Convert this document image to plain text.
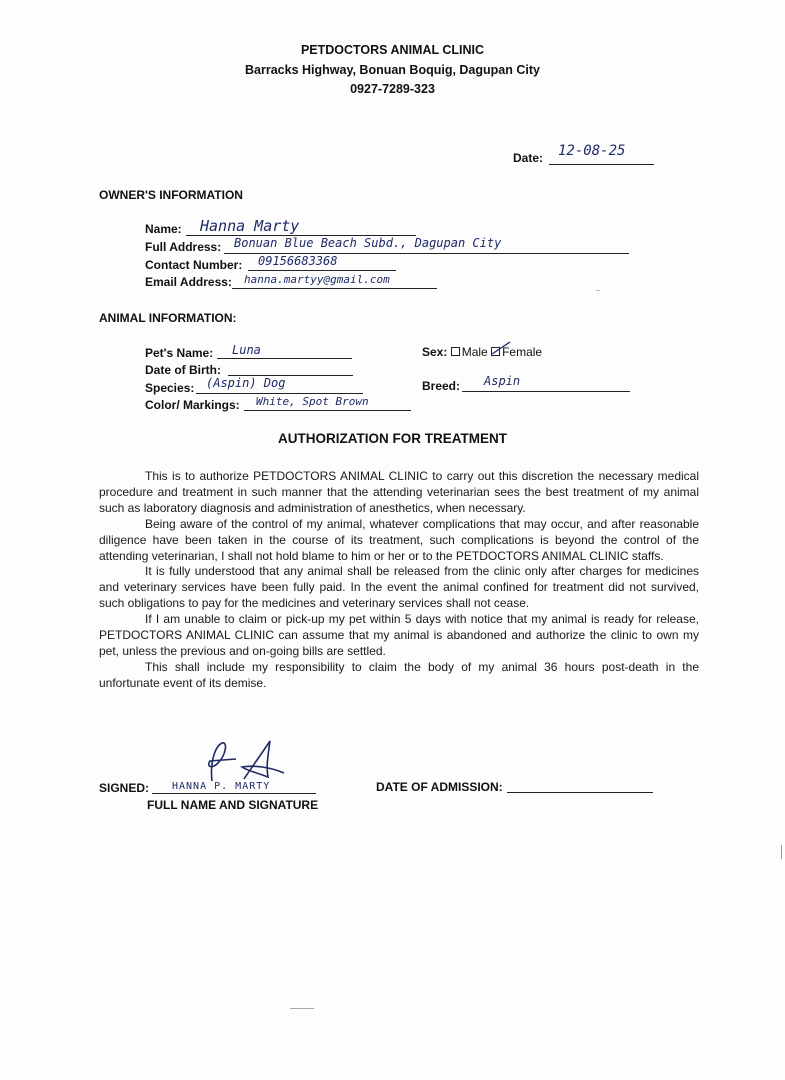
PETDOCTORS ANIMAL CLINIC
Barracks Highway, Bonuan Boquig, Dagupan City
0927-7289-323
Date: 12-08-25
OWNER'S INFORMATION
Name: Hanna Marty
Full Address: Bonuan Blue Beach Subd., Dagupan City
Contact Number: 09156683368
Email Address: hanna.martyy@gmail.com
ANIMAL INFORMATION:
Pet's Name: Luna
Date of Birth:
Species: (Aspin) Dog
Color/ Markings: White, Spot Brown
Sex: Male Female
Breed: Aspin
AUTHORIZATION FOR TREATMENT

This is to authorize PETDOCTORS ANIMAL CLINIC to carry out this discretion the necessary medical procedure and treatment in such manner that the attending veterinarian sees the best treatment of my animal such as laboratory diagnosis and administration of anesthetics, when necessary.

Being aware of the control of my animal, whatever complications that may occur, and after reasonable diligence have been taken in the course of its treatment, such complications is beyond the control of the attending veterinarian, I shall not hold blame to him or her or to the PETDOCTORS ANIMAL CLINIC staffs.

It is fully understood that any animal shall be released from the clinic only after charges for medicines and veterinary services have been fully paid. In the event the animal confined for treatment did not survived, such obligations to pay for the medicines and veterinary services shall not cease.

If I am unable to claim or pick-up my pet within 5 days with notice that my animal is ready for release, PETDOCTORS ANIMAL CLINIC can assume that my animal is abandoned and authorize the clinic to own my pet, unless the previous and on-going bills are settled.

This shall include my responsibility to claim the body of my animal 36 hours post-death in the unfortunate event of its demise.

SIGNED: HANNA P. MARTY
FULL NAME AND SIGNATURE
DATE OF ADMISSION:
